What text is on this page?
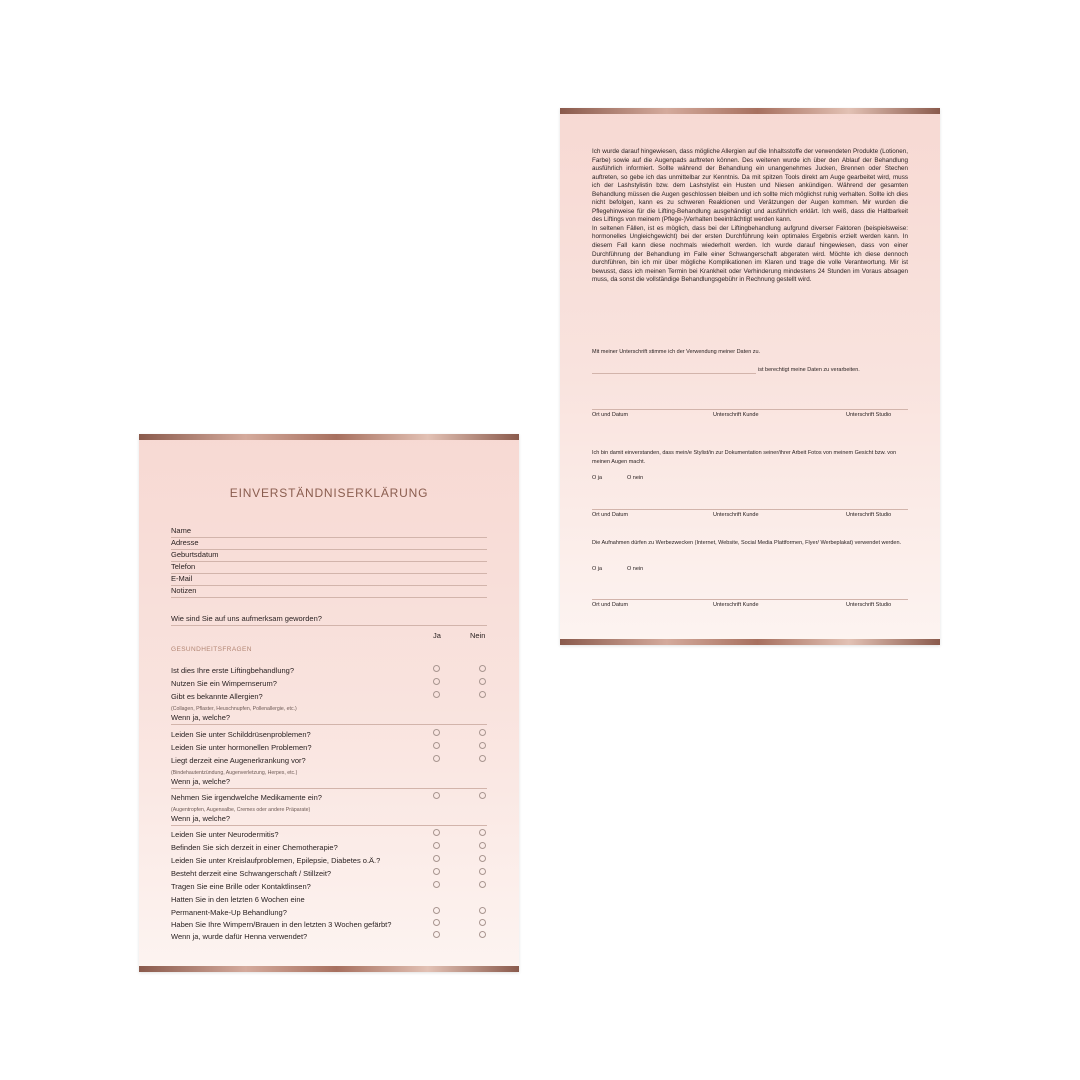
EINVERSTÄNDNISERKLÄRUNG
Name
Adresse
Geburtsdatum
Telefon
E-Mail
Notizen
Wie sind Sie auf uns aufmerksam geworden?
Ja	Nein
GESUNDHEITSFRAGEN
Ist dies Ihre erste Liftingbehandlung?
Nutzen Sie ein Wimpernserum?
Gibt es bekannte Allergien?
(Collagen, Pflaster, Heuschnupfen, Pollenallergie, etc.)
Wenn ja, welche?
Leiden Sie unter Schilddrüsenproblemen?
Leiden Sie unter hormonellen Problemen?
Liegt derzeit eine Augenerkrankung vor?
(Bindehautentzündung, Augenverletzung, Herpes, etc.)
Wenn ja, welche?
Nehmen Sie irgendwelche Medikamente ein?
(Augentropfen, Augensalbe, Cremes oder andere Präparate)
Wenn ja, welche?
Leiden Sie unter Neurodermitis?
Befinden Sie sich derzeit in einer Chemotherapie?
Leiden Sie unter Kreislaufproblemen, Epilepsie, Diabetes o.Ä.?
Besteht derzeit eine Schwangerschaft / Stillzeit?
Tragen Sie eine Brille oder Kontaktlinsen?
Hatten Sie in den letzten 6 Wochen eine
Permanent-Make-Up Behandlung?
Haben Sie Ihre Wimpern/Brauen in den letzten 3 Wochen gefärbt?
Wenn ja, wurde dafür Henna verwendet?

Ich wurde darauf hingewiesen, dass mögliche Allergien auf die Inhaltsstoffe der verwendeten Produkte (Lotionen, Farbe) sowie auf die Augenpads auftreten können. Des weiteren wurde ich über den Ablauf der Behandlung ausführlich informiert. Sollte während der Behandlung ein unangenehmes Jucken, Brennen oder Stechen auftreten, so gebe ich das unmittelbar zur Kenntnis. Da mit spitzen Tools direkt am Auge gearbeitet wird, muss ich der Lashstylistin bzw. dem Lashstylist ein Husten und Niesen ankündigen. Während der gesamten Behandlung müssen die Augen geschlossen bleiben und ich sollte mich möglichst ruhig verhalten. Sollte ich dies nicht befolgen, kann es zu schweren Reaktionen und Verätzungen der Augen kommen. Mir wurden die Pflegehinweise für die Lifting-Behandlung ausgehändigt und ausführlich erklärt. Ich weiß, dass die Haltbarkeit des Liftings von meinem (Pflege-)Verhalten beeinträchtigt werden kann.

In seltenen Fällen, ist es möglich, dass bei der Liftingbehandlung aufgrund diverser Faktoren (beispielsweise: hormonelles Ungleichgewicht) bei der ersten Durchführung kein optimales Ergebnis erzielt werden kann. In diesem Fall kann diese nochmals wiederholt werden. Ich wurde darauf hingewiesen, dass von einer Durchführung der Behandlung im Falle einer Schwangerschaft abgeraten wird. Möchte ich diese dennoch durchführen, bin ich mir über mögliche Komplikationen im Klaren und trage die volle Verantwortung. Mir ist bewusst, dass ich meinen Termin bei Krankheit oder Verhinderung mindestens 24 Stunden im Voraus absagen muss, da sonst die vollständige Behandlungsgebühr in Rechnung gestellt wird.

Mit meiner Unterschrift stimme ich der Verwendung meiner Daten zu.
ist berechtigt meine Daten zu verarbeiten.
Ort und Datum	Unterschrift Kunde	Unterschrift Studio
Ich bin damit einverstanden, dass mein/e Stylist/in zur Dokumentation seiner/ihrer Arbeit Fotos von meinem Gesicht bzw. von meinen Augen macht.
O ja	O nein
Ort und Datum	Unterschrift Kunde	Unterschrift Studio
Die Aufnahmen dürfen zu Werbezwecken (Internet, Website, Social Media Plattformen, Flyer/ Werbeplakat) verwendet werden.
O ja	O nein
Ort und Datum	Unterschrift Kunde	Unterschrift Studio
